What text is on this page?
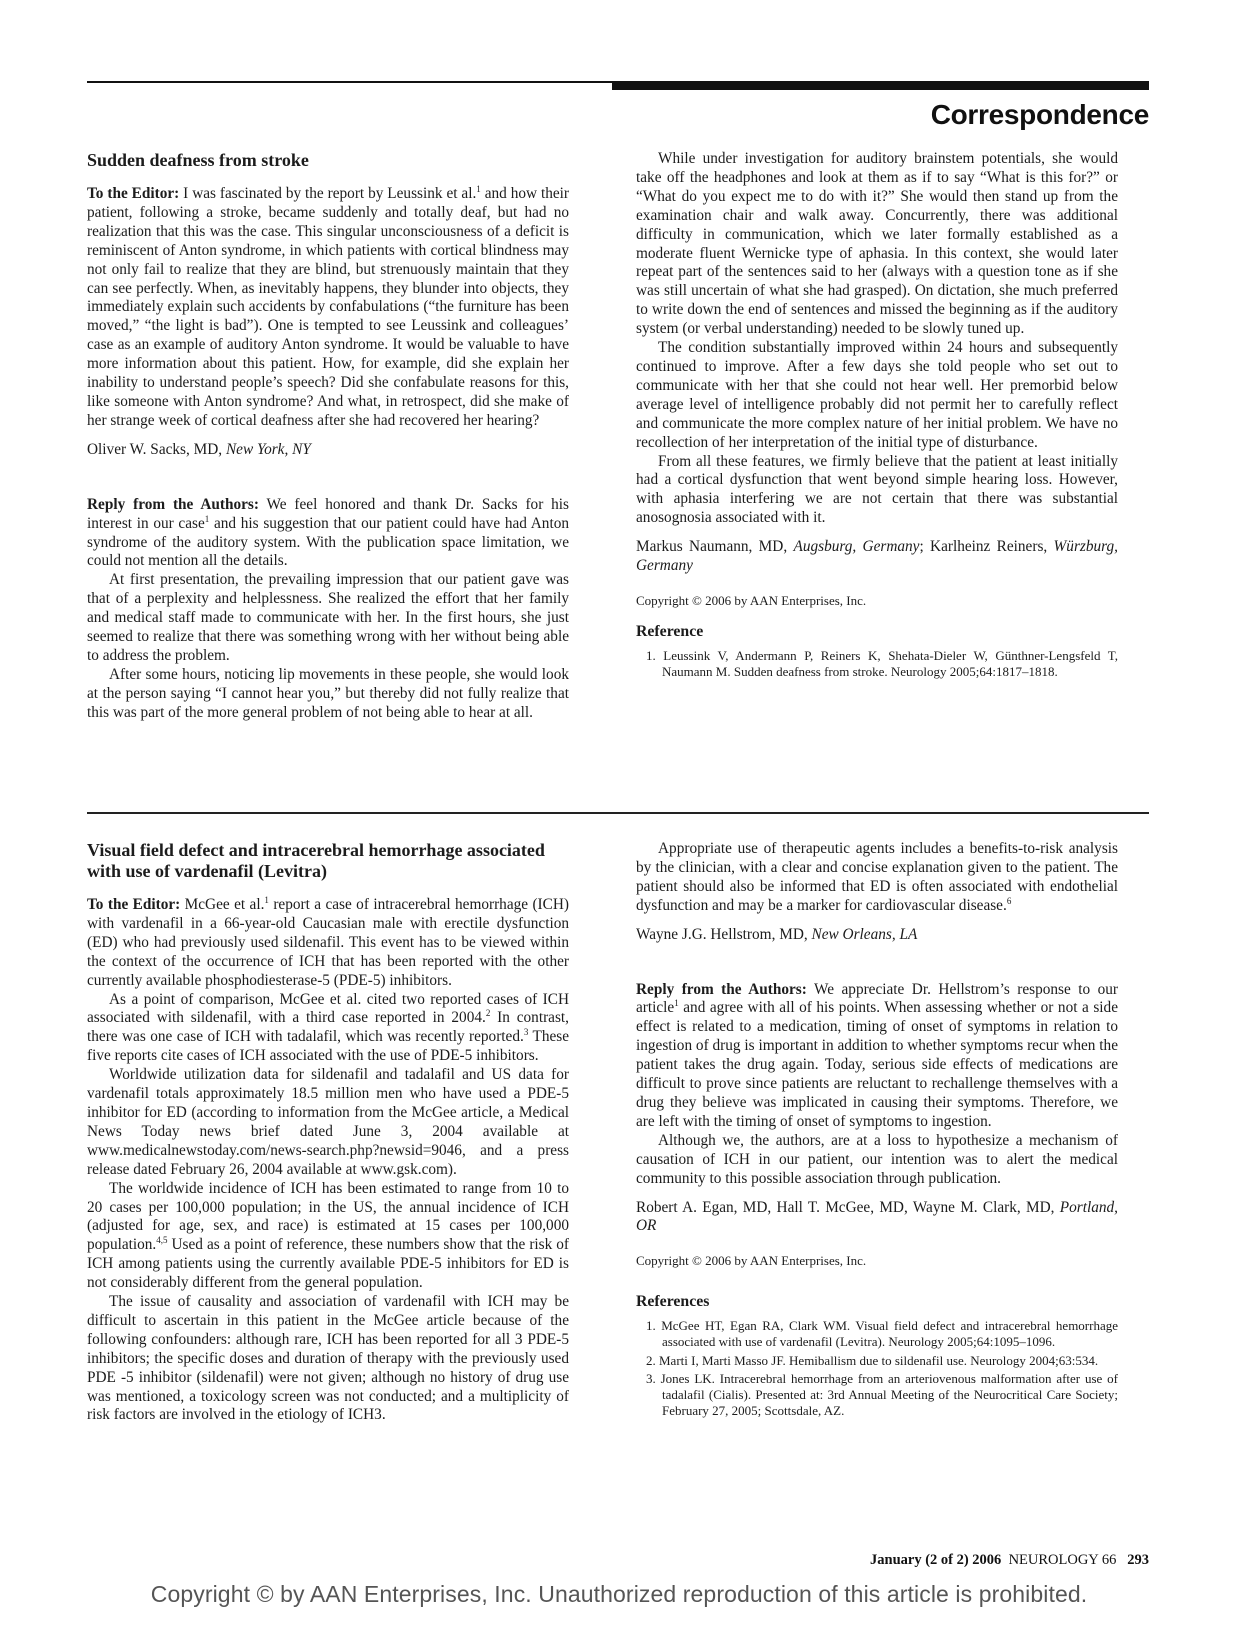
Correspondence
Sudden deafness from stroke

To the Editor: I was fascinated by the report by Leussink et al.$^1$ and how their patient, following a stroke, became suddenly and totally deaf, but had no realization that this was the case. This singular unconsciousness of a deficit is reminiscent of Anton syndrome, in which patients with cortical blindness may not only fail to realize that they are blind, but strenuously maintain that they can see perfectly. When, as inevitably happens, they blunder into objects, they immediately explain such accidents by confabulations (“the furniture has been moved,” “the light is bad”). One is tempted to see Leussink and colleagues’ case as an example of auditory Anton syndrome. It would be valuable to have more information about this patient. How, for example, did she explain her inability to understand people’s speech? Did she confabulate reasons for this, like someone with Anton syndrome? And what, in retrospect, did she make of her strange week of cortical deafness after she had recovered her hearing?

Oliver W. Sacks, MD, New York, NY

Reply from the Authors: We feel honored and thank Dr. Sacks for his interest in our case$^1$ and his suggestion that our patient could have had Anton syndrome of the auditory system. With the publication space limitation, we could not mention all the details.

At first presentation, the prevailing impression that our patient gave was that of a perplexity and helplessness. She realized the effort that her family and medical staff made to communicate with her. In the first hours, she just seemed to realize that there was something wrong with her without being able to address the problem.

After some hours, noticing lip movements in these people, she would look at the person saying “I cannot hear you,” but thereby did not fully realize that this was part of the more general problem of not being able to hear at all.

While under investigation for auditory brainstem potentials, she would take off the headphones and look at them as if to say “What is this for?” or “What do you expect me to do with it?” She would then stand up from the examination chair and walk away. Concurrently, there was additional difficulty in communication, which we later formally established as a moderate fluent Wernicke type of aphasia. In this context, she would later repeat part of the sentences said to her (always with a question tone as if she was still uncertain of what she had grasped). On dictation, she much preferred to write down the end of sentences and missed the beginning as if the auditory system (or verbal understanding) needed to be slowly tuned up.

The condition substantially improved within 24 hours and subsequently continued to improve. After a few days she told people who set out to communicate with her that she could not hear well. Her premorbid below average level of intelligence probably did not permit her to carefully reflect and communicate the more complex nature of her initial problem. We have no recollection of her interpretation of the initial type of disturbance.

From all these features, we firmly believe that the patient at least initially had a cortical dysfunction that went beyond simple hearing loss. However, with aphasia interfering we are not certain that there was substantial anosognosia associated with it.

Markus Naumann, MD, Augsburg, Germany; Karlheinz Reiners, Würzburg, Germany

Copyright © 2006 by AAN Enterprises, Inc.

Reference
1. Leussink V, Andermann P, Reiners K, Shehata-Dieler W, Günthner-Lengsfeld T, Naumann M. Sudden deafness from stroke. Neurology 2005;64:1817–1818.
Visual field defect and intracerebral hemorrhage associated with use of vardenafil (Levitra)

To the Editor: McGee et al.$^1$ report a case of intracerebral hemorrhage (ICH) with vardenafil in a 66-year-old Caucasian male with erectile dysfunction (ED) who had previously used sildenafil. This event has to be viewed within the context of the occurrence of ICH that has been reported with the other currently available phosphodiesterase-5 (PDE-5) inhibitors.

As a point of comparison, McGee et al. cited two reported cases of ICH associated with sildenafil, with a third case reported in 2004.$^2$ In contrast, there was one case of ICH with tadalafil, which was recently reported.$^3$ These five reports cite cases of ICH associated with the use of PDE-5 inhibitors.

Worldwide utilization data for sildenafil and tadalafil and US data for vardenafil totals approximately 18.5 million men who have used a PDE-5 inhibitor for ED (according to information from the McGee article, a Medical News Today news brief dated June 3, 2004 available at www.medicalnewstoday.com/news-search.php?newsid=9046, and a press release dated February 26, 2004 available at www.gsk.com).

The worldwide incidence of ICH has been estimated to range from 10 to 20 cases per 100,000 population; in the US, the annual incidence of ICH (adjusted for age, sex, and race) is estimated at 15 cases per 100,000 population.$^{4,5}$ Used as a point of reference, these numbers show that the risk of ICH among patients using the currently available PDE-5 inhibitors for ED is not considerably different from the general population.

The issue of causality and association of vardenafil with ICH may be difficult to ascertain in this patient in the McGee article because of the following confounders: although rare, ICH has been reported for all 3 PDE-5 inhibitors; the specific doses and duration of therapy with the previously used PDE -5 inhibitor (sildenafil) were not given; although no history of drug use was mentioned, a toxicology screen was not conducted; and a multiplicity of risk factors are involved in the etiology of ICH3.

Appropriate use of therapeutic agents includes a benefits-to-risk analysis by the clinician, with a clear and concise explanation given to the patient. The patient should also be informed that ED is often associated with endothelial dysfunction and may be a marker for cardiovascular disease.$^6$

Wayne J.G. Hellstrom, MD, New Orleans, LA

Reply from the Authors: We appreciate Dr. Hellstrom’s response to our article$^1$ and agree with all of his points. When assessing whether or not a side effect is related to a medication, timing of onset of symptoms in relation to ingestion of drug is important in addition to whether symptoms recur when the patient takes the drug again. Today, serious side effects of medications are difficult to prove since patients are reluctant to rechallenge themselves with a drug they believe was implicated in causing their symptoms. Therefore, we are left with the timing of onset of symptoms to ingestion.

Although we, the authors, are at a loss to hypothesize a mechanism of causation of ICH in our patient, our intention was to alert the medical community to this possible association through publication.

Robert A. Egan, MD, Hall T. McGee, MD, Wayne M. Clark, MD, Portland, OR

Copyright © 2006 by AAN Enterprises, Inc.

References
1. McGee HT, Egan RA, Clark WM. Visual field defect and intracerebral hemorrhage associated with use of vardenafil (Levitra). Neurology 2005;64:1095–1096.
2. Marti I, Marti Masso JF. Hemiballism due to sildenafil use. Neurology 2004;63:534.
3. Jones LK. Intracerebral hemorrhage from an arteriovenous malformation after use of tadalafil (Cialis). Presented at: 3rd Annual Meeting of the Neurocritical Care Society; February 27, 2005; Scottsdale, AZ.
January (2 of 2) 2006 NEUROLOGY 66 293
Copyright © by AAN Enterprises, Inc. Unauthorized reproduction of this article is prohibited.
